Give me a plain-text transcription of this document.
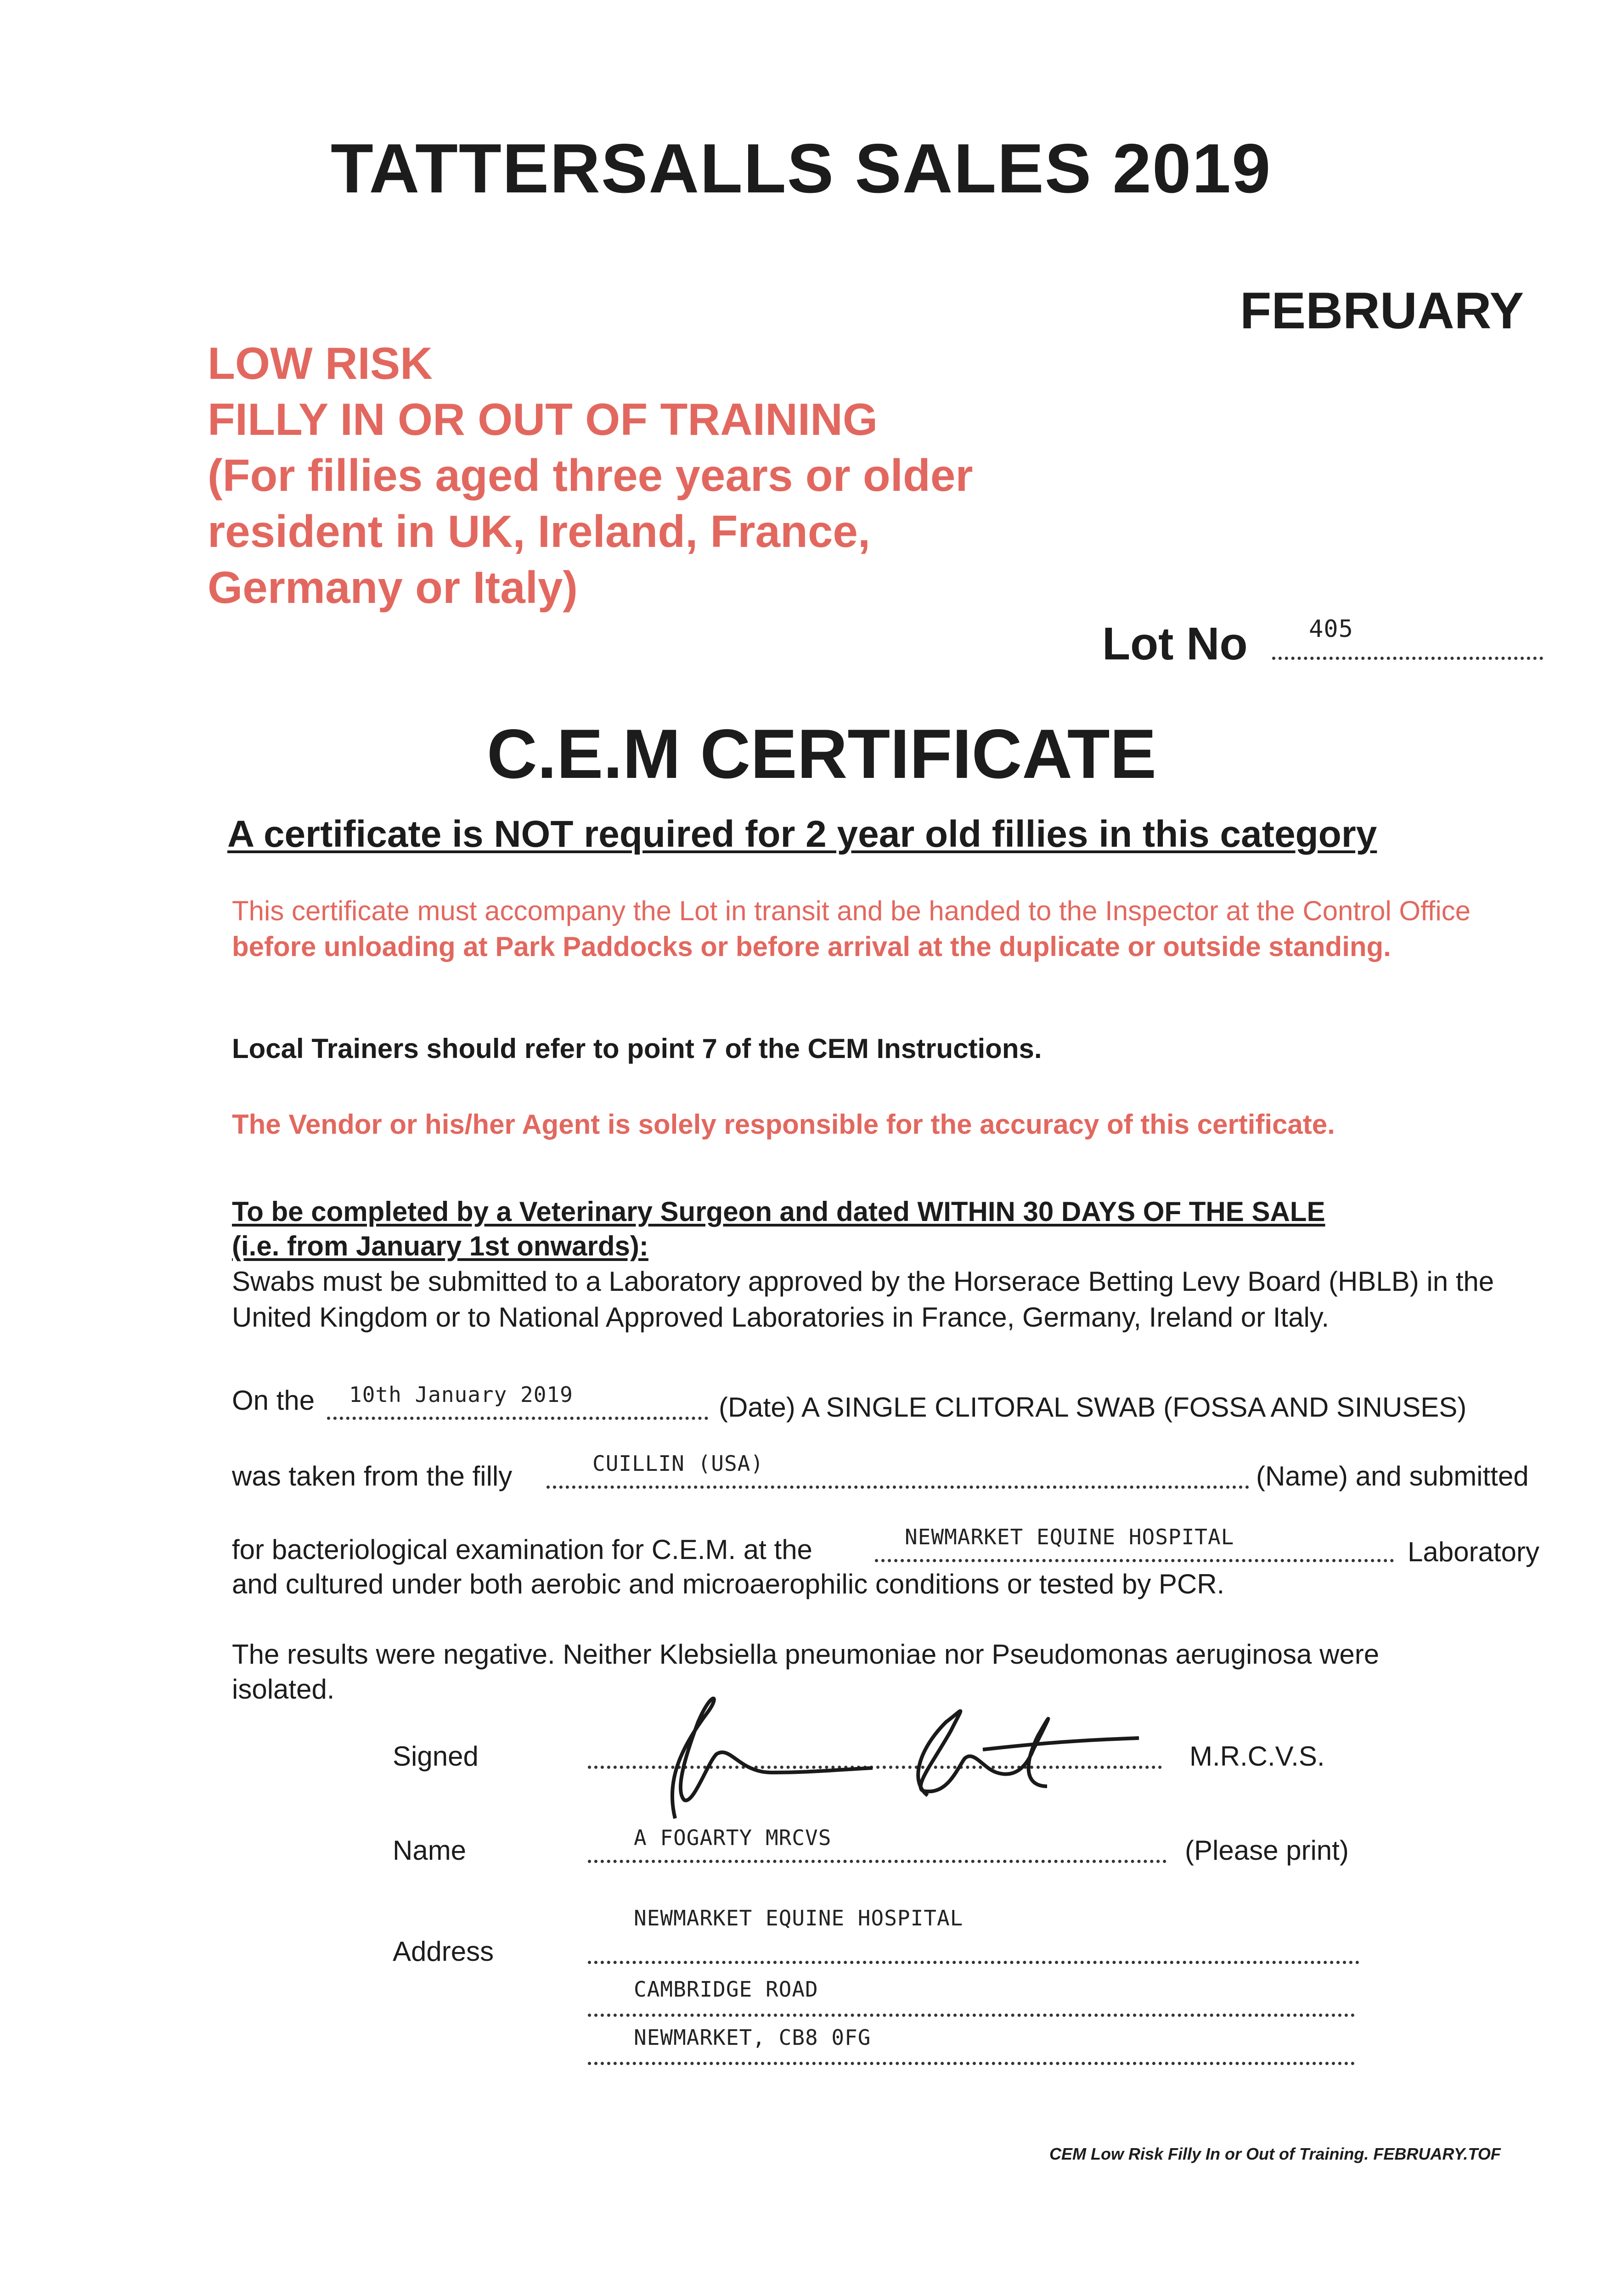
TATTERSALLS SALES 2019
FEBRUARY
LOW RISK
FILLY IN OR OUT OF TRAINING
(For fillies aged three years or older
resident in UK, Ireland, France,
Germany or Italy)
Lot No	405
C.E.M CERTIFICATE
A certificate is NOT required for 2 year old fillies in this category
This certificate must accompany the Lot in transit and be handed to the Inspector at the Control Office before unloading at Park Paddocks or before arrival at the duplicate or outside standing.
Local Trainers should refer to point 7 of the CEM Instructions.
The Vendor or his/her Agent is solely responsible for the accuracy of this certificate.
To be completed by a Veterinary Surgeon and dated WITHIN 30 DAYS OF THE SALE
(i.e. from January 1st onwards):
Swabs must be submitted to a Laboratory approved by the Horserace Betting Levy Board (HBLB) in the United Kingdom or to National Approved Laboratories in France, Germany, Ireland or Italy.
On the 10th January 2019	(Date) A SINGLE CLITORAL SWAB (FOSSA AND SINUSES)
was taken from the filly	CUILLIN (USA)	(Name) and submitted
for bacteriological examination for C.E.M. at the	NEWMARKET EQUINE HOSPITAL	Laboratory
and cultured under both aerobic and microaerophilic conditions or tested by PCR.
The results were negative. Neither Klebsiella pneumoniae nor Pseudomonas aeruginosa were isolated.
Signed	M.R.C.V.S.
Name	A FOGARTY MRCVS	(Please print)
Address
NEWMARKET EQUINE HOSPITAL
CAMBRIDGE ROAD
NEWMARKET, CB8 0FG
CEM Low Risk Filly In or Out of Training. FEBRUARY.TOF
